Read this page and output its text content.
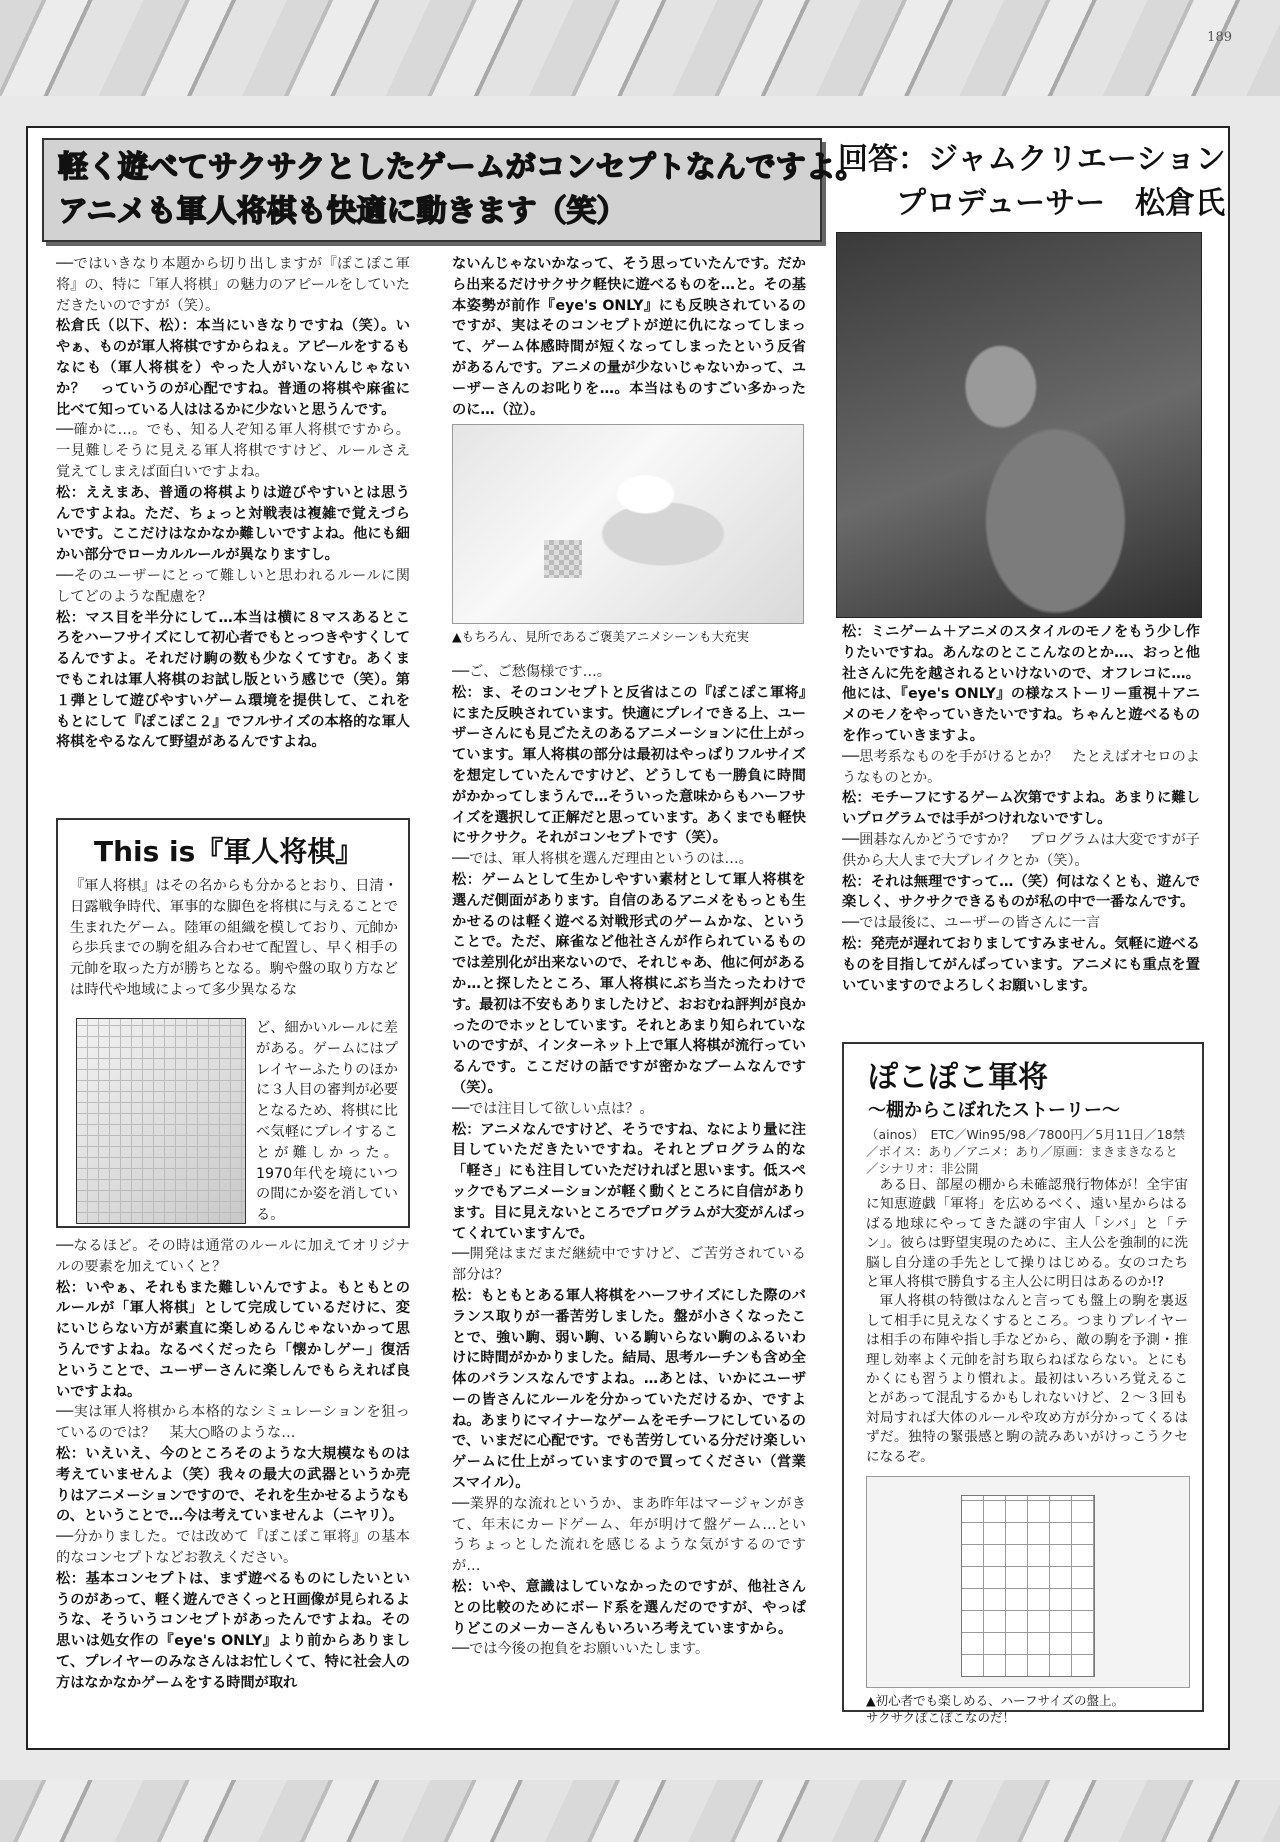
189
軽く遊べてサクサクとしたゲームがコンセプトなんですよ。
アニメも軍人将棋も快適に動きます（笑）
回答：ジャムクリエーション
プロデューサー　松倉氏

──ではいきなり本題から切り出しますが『ぽこぽこ軍将』の、特に「軍人将棋」の魅力のアピールをしていただきたいのですが（笑）。

松倉氏（以下、松）：本当にいきなりですね（笑）。いやぁ、ものが軍人将棋ですからねぇ。アピールをするもなにも（軍人将棋を）やった人がいないんじゃないか？　っていうのが心配ですね。普通の将棋や麻雀に比べて知っている人ははるかに少ないと思うんです。

──確かに…。でも、知る人ぞ知る軍人将棋ですから。一見難しそうに見える軍人将棋ですけど、ルールさえ覚えてしまえば面白いですよね。

松：ええまあ、普通の将棋よりは遊びやすいとは思うんですよね。ただ、ちょっと対戦表は複雑で覚えづらいです。ここだけはなかなか難しいですよね。他にも細かい部分でローカルルールが異なりますし。

──そのユーザーにとって難しいと思われるルールに関してどのような配慮を？

松：マス目を半分にして…本当は横に８マスあるところをハーフサイズにして初心者でもとっつきやすくしてるんですよ。それだけ駒の数も少なくてすむ。あくまでもこれは軍人将棋のお試し版という感じで（笑）。第１弾として遊びやすいゲーム環境を提供して、これをもとにして『ぽこぽこ２』でフルサイズの本格的な軍人将棋をやるなんて野望があるんですよね。

This is『軍人将棋』
『軍人将棋』はその名からも分かるとおり、日清・日露戦争時代、軍事的な脚色を将棋に与えることで生まれたゲーム。陸軍の組織を模しており、元帥から歩兵までの駒を組み合わせて配置し、早く相手の元帥を取った方が勝ちとなる。駒や盤の取り方などは時代や地域によって多少異なるな
ど、細かいルールに差がある。ゲームにはプレイヤーふたりのほかに３人目の審判が必要となるため、将棋に比べ気軽にプレイすることが難しかった。1970年代を境にいつの間にか姿を消している。

──なるほど。その時は通常のルールに加えてオリジナルの要素を加えていくと？

松：いやぁ、それもまた難しいんですよ。もともとのルールが「軍人将棋」として完成しているだけに、変にいじらない方が素直に楽しめるんじゃないかって思うんですよね。なるべくだったら「懐かしゲー」復活ということで、ユーザーさんに楽しんでもらえれば良いですよね。

──実は軍人将棋から本格的なシミュレーションを狙っているのでは？　某大○略のような…

松：いえいえ、今のところそのような大規模なものは考えていませんよ（笑）我々の最大の武器というか売りはアニメーションですので、それを生かせるようなもの、ということで…今は考えていませんよ（ニヤリ）。

──分かりました。では改めて『ぽこぽこ軍将』の基本的なコンセプトなどお教えください。

松：基本コンセプトは、まず遊べるものにしたいというのがあって、軽く遊んでさくっとＨ画像が見られるような、そういうコンセプトがあったんですよね。その思いは処女作の『eye's ONLY』より前からありまして、プレイヤーのみなさんはお忙しくて、特に社会人の方はなかなかゲームをする時間が取れ

ないんじゃないかなって、そう思っていたんです。だから出来るだけサクサク軽快に遊べるものを…と。その基本姿勢が前作『eye's ONLY』にも反映されているのですが、実はそのコンセプトが逆に仇になってしまって、ゲーム体感時間が短くなってしまったという反省があるんです。アニメの量が少ないじゃないかって、ユーザーさんのお叱りを…。本当はものすごい多かったのに…（泣）。

▲もちろん、見所であるご褒美アニメシーンも大充実

──ご、ご愁傷様です…。

松：ま、そのコンセプトと反省はこの『ぽこぽこ軍将』にまた反映されています。快適にプレイできる上、ユーザーさんにも見ごたえのあるアニメーションに仕上がっています。軍人将棋の部分は最初はやっぱりフルサイズを想定していたんですけど、どうしても一勝負に時間がかかってしまうんで…そういった意味からもハーフサイズを選択して正解だと思っています。あくまでも軽快にサクサク。それがコンセプトです（笑）。

──では、軍人将棋を選んだ理由というのは…。

松：ゲームとして生かしやすい素材として軍人将棋を選んだ側面があります。自信のあるアニメをもっとも生かせるのは軽く遊べる対戦形式のゲームかな、ということで。ただ、麻雀など他社さんが作られているものでは差別化が出来ないので、それじゃあ、他に何があるか…と探したところ、軍人将棋にぶち当たったわけです。最初は不安もありましたけど、おおむね評判が良かったのでホッとしています。それとあまり知られていないのですが、インターネット上で軍人将棋が流行っているんです。ここだけの話ですが密かなブームなんです（笑）。

──では注目して欲しい点は？。

松：アニメなんですけど、そうですね、なにより量に注目していただきたいですね。それとプログラム的な「軽さ」にも注目していただければと思います。低スペックでもアニメーションが軽く動くところに自信があります。目に見えないところでプログラムが大変がんばってくれていますんで。

──開発はまだまだ継続中ですけど、ご苦労されている部分は？

松：もともとある軍人将棋をハーフサイズにした際のバランス取りが一番苦労しました。盤が小さくなったことで、強い駒、弱い駒、いる駒いらない駒のふるいわけに時間がかかりました。結局、思考ルーチンも含め全体のバランスなんですよね。…あとは、いかにユーザーの皆さんにルールを分かっていただけるか、ですよね。あまりにマイナーなゲームをモチーフにしているので、いまだに心配です。でも苦労している分だけ楽しいゲームに仕上がっていますので買ってください（営業スマイル）。

──業界的な流れというか、まあ昨年はマージャンがきて、年末にカードゲーム、年が明けて盤ゲーム…というちょっとした流れを感じるような気がするのですが…

松：いや、意識はしていなかったのですが、他社さんとの比較のためにボード系を選んだのですが、やっぱりどこのメーカーさんもいろいろ考えていますから。

──では今後の抱負をお願いいたします。

松：ミニゲーム＋アニメのスタイルのモノをもう少し作りたいですね。あんなのとここんなのとか…、おっと他社さんに先を越されるといけないので、オフレコに…。他には、『eye's ONLY』の様なストーリー重視＋アニメのモノをやっていきたいですね。ちゃんと遊べるものを作っていきますよ。

──思考系なものを手がけるとか？　たとえばオセロのようなものとか。

松：モチーフにするゲーム次第ですよね。あまりに難しいプログラムでは手がつけれないですし。

──囲碁なんかどうですか？　プログラムは大変ですが子供から大人まで大ブレイクとか（笑）。

松：それは無理ですって…（笑）何はなくとも、遊んで楽しく、サクサクできるものが私の中で一番なんです。

──では最後に、ユーザーの皆さんに一言

松：発売が遅れておりましてすみません。気軽に遊べるものを目指してがんばっています。アニメにも重点を置いていますのでよろしくお願いします。

ぽこぽこ軍将
〜棚からこぼれたストーリー〜
（ainos）　ETC／Win95/98／7800円／5月11日／18禁／ボイス：あり／アニメ：あり／原画：まきまきなると／シナリオ：非公開

ある日、部屋の棚から未確認飛行物体が！全宇宙に知恵遊戯「軍将」を広めるべく、遠い星からはるばる地球にやってきた謎の宇宙人「シバ」と「テン」。彼らは野望実現のために、主人公を強制的に洗脳し自分達の手先として操りはじめる。女のコたちと軍人将棋で勝負する主人公に明日はあるのか!?

軍人将棋の特徴はなんと言っても盤上の駒を裏返して相手に見えなくするところ。つまりプレイヤーは相手の布陣や指し手などから、敵の駒を予測・推理し効率よく元帥を討ち取らねばならない。とにもかくにも習うより慣れよ。最初はいろいろ覚えることがあって混乱するかもしれないけど、２〜３回も対局すれば大体のルールや攻め方が分かってくるはずだ。独特の緊張感と駒の読みあいがけっこうクセになるぞ。

▲初心者でも楽しめる、ハーフサイズの盤上。
サクサクぽこぽこなのだ！
